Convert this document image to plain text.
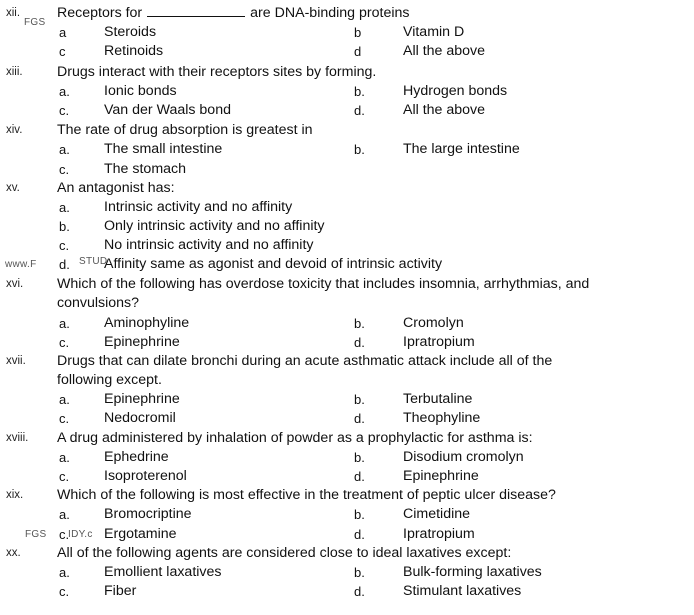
FGS
www.F	STUD
FGS IDY.c
xii.	Receptors for	are DNA-binding proteins
a	Steroids	b	Vitamin D
c	Retinoids	d	All the above
xiii. Drugs interact with their receptors sites by forming.
a. Ionic bonds	b.	Hydrogen bonds
c. Van der Waals bond	d.	All the above
xiv. The rate of drug absorption is greatest in
a. The small intestine	b.	The large intestine
c. The stomach
xv.	An antagonist has:
a. Intrinsic activity and no affinity
b. Only intrinsic activity and no affinity
c. No intrinsic activity and no affinity
d. Affinity same as agonist and devoid of intrinsic activity
xvi. Which of the following has overdose toxicity that includes insomnia, arrhythmias, and
convulsions?
a. Aminophyline	b.	Cromolyn
c. Epinephrine	d.	Ipratropium
xvii. Drugs that can dilate bronchi during an acute asthmatic attack include all of the
following except.
a. Epinephrine	b.	Terbutaline
c. Nedocromil	d.	Theophyline
xviii. A drug administered by inhalation of powder as a prophylactic for asthma is:
a. Ephedrine	b.	Disodium cromolyn
c. Isoproterenol	d.	Epinephrine
xix. Which of the following is most effective in the treatment of peptic ulcer disease?
a. Bromocriptine	b.	Cimetidine
c. Ergotamine	d.	Ipratropium
xx.	All of the following agents are considered close to ideal laxatives except:
a. Emollient laxatives	b.	Bulk-forming laxatives
c. Fiber	d.	Stimulant laxatives
